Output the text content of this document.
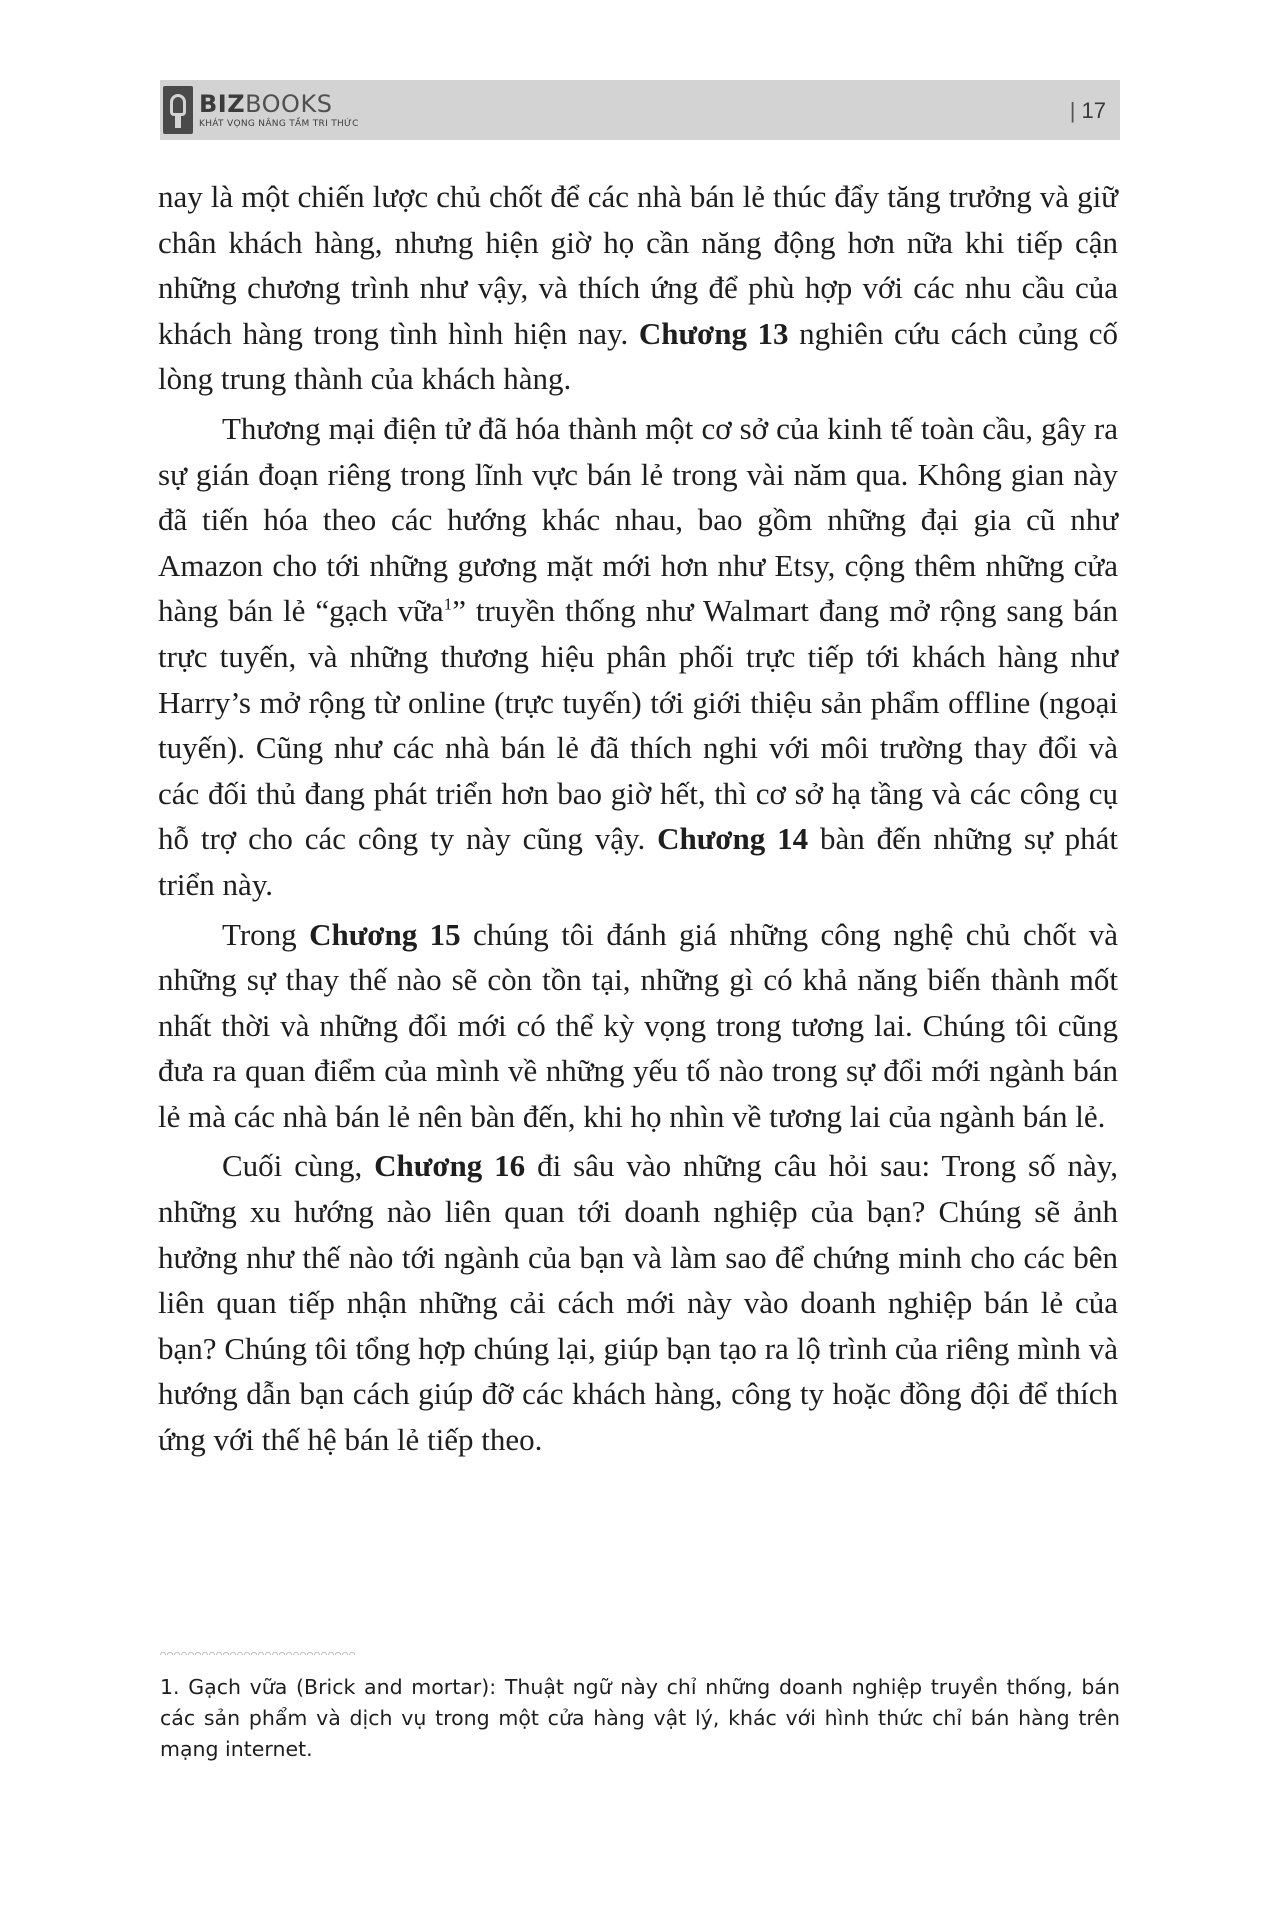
BIZBOOKS
KHÁT VỌNG NÂNG TẦM TRI THỨC
| 17

nay là một chiến lược chủ chốt để các nhà bán lẻ thúc đẩy tăng trưởng và giữ chân khách hàng, nhưng hiện giờ họ cần năng động hơn nữa khi tiếp cận những chương trình như vậy, và thích ứng để phù hợp với các nhu cầu của khách hàng trong tình hình hiện nay. Chương 13 nghiên cứu cách củng cố lòng trung thành của khách hàng.

Thương mại điện tử đã hóa thành một cơ sở của kinh tế toàn cầu, gây ra sự gián đoạn riêng trong lĩnh vực bán lẻ trong vài năm qua. Không gian này đã tiến hóa theo các hướng khác nhau, bao gồm những đại gia cũ như Amazon cho tới những gương mặt mới hơn như Etsy, cộng thêm những cửa hàng bán lẻ “gạch vữa$^1$” truyền thống như Walmart đang mở rộng sang bán trực tuyến, và những thương hiệu phân phối trực tiếp tới khách hàng như Harry’s mở rộng từ online (trực tuyến) tới giới thiệu sản phẩm offline (ngoại tuyến). Cũng như các nhà bán lẻ đã thích nghi với môi trường thay đổi và các đối thủ đang phát triển hơn bao giờ hết, thì cơ sở hạ tầng và các công cụ hỗ trợ cho các công ty này cũng vậy. Chương 14 bàn đến những sự phát triển này.

Trong Chương 15 chúng tôi đánh giá những công nghệ chủ chốt và những sự thay thế nào sẽ còn tồn tại, những gì có khả năng biến thành mốt nhất thời và những đổi mới có thể kỳ vọng trong tương lai. Chúng tôi cũng đưa ra quan điểm của mình về những yếu tố nào trong sự đổi mới ngành bán lẻ mà các nhà bán lẻ nên bàn đến, khi họ nhìn về tương lai của ngành bán lẻ.

Cuối cùng, Chương 16 đi sâu vào những câu hỏi sau: Trong số này, những xu hướng nào liên quan tới doanh nghiệp của bạn? Chúng sẽ ảnh hưởng như thế nào tới ngành của bạn và làm sao để chứng minh cho các bên liên quan tiếp nhận những cải cách mới này vào doanh nghiệp bán lẻ của bạn? Chúng tôi tổng hợp chúng lại, giúp bạn tạo ra lộ trình của riêng mình và hướng dẫn bạn cách giúp đỡ các khách hàng, công ty hoặc đồng đội để thích ứng với thế hệ bán lẻ tiếp theo.

1. Gạch vữa (Brick and mortar): Thuật ngữ này chỉ những doanh nghiệp truyền thống, bán các sản phẩm và dịch vụ trong một cửa hàng vật lý, khác với hình thức chỉ bán hàng trên mạng internet.
